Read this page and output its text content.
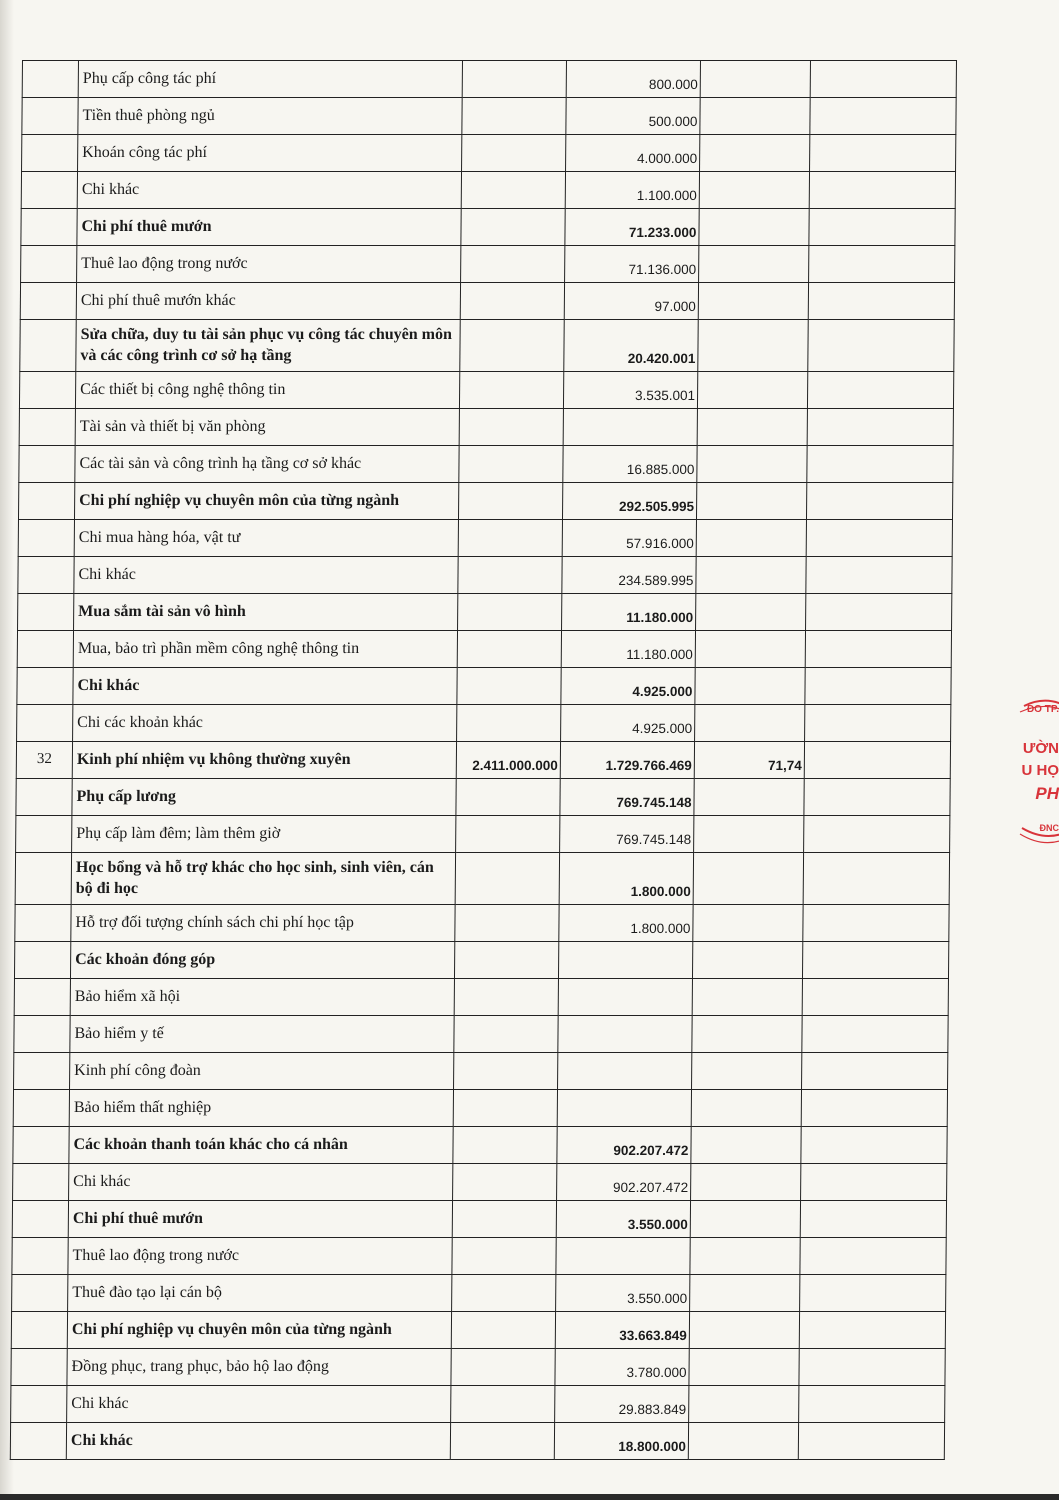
	Phụ cấp công tác phí		800.000		
	Tiền thuê phòng ngủ		500.000		
	Khoán công tác phí		4.000.000		
	Chi khác		1.100.000		
	Chi phí thuê mướn		71.233.000		
	Thuê lao động trong nước		71.136.000		
	Chi phí thuê mướn khác		97.000		
	Sửa chữa, duy tu tài sản phục vụ công tác chuyên môn và các công trình cơ sở hạ tầng		20.420.001		
	Các thiết bị công nghệ thông tin		3.535.001		
	Tài sản và thiết bị văn phòng				
	Các tài sản và công trình hạ tầng cơ sở khác		16.885.000		
	Chi phí nghiệp vụ chuyên môn của từng ngành		292.505.995		
	Chi mua hàng hóa, vật tư		57.916.000		
	Chi khác		234.589.995		
	Mua sắm tài sản vô hình		11.180.000		
	Mua, bảo trì phần mềm công nghệ thông tin		11.180.000		
	Chi khác		4.925.000		
	Chi các khoản khác		4.925.000		
32	Kinh phí nhiệm vụ không thường xuyên	2.411.000.000	1.729.766.469	71,74	
	Phụ cấp lương		769.745.148		
	Phụ cấp làm đêm; làm thêm giờ		769.745.148		
	Học bổng và hỗ trợ khác cho học sinh, sinh viên, cán bộ đi học		1.800.000		
	Hỗ trợ đối tượng chính sách chi phí học tập		1.800.000		
	Các khoản đóng góp				
	Bảo hiểm xã hội				
	Bảo hiểm y tế				
	Kinh phí công đoàn				
	Bảo hiểm thất nghiệp				
	Các khoản thanh toán khác cho cá nhân		902.207.472		
	Chi khác		902.207.472		
	Chi phí thuê mướn		3.550.000		
	Thuê lao động trong nước				
	Thuê đào tạo lại cán bộ		3.550.000		
	Chi phí nghiệp vụ chuyên môn của từng ngành		33.663.849		
	Đồng phục, trang phục, bảo hộ lao động		3.780.000		
	Chi khác		29.883.849		
	Chi khác		18.800.000		
ĐO TP.
ƯỜN
U HỌ
PH
ĐNC
